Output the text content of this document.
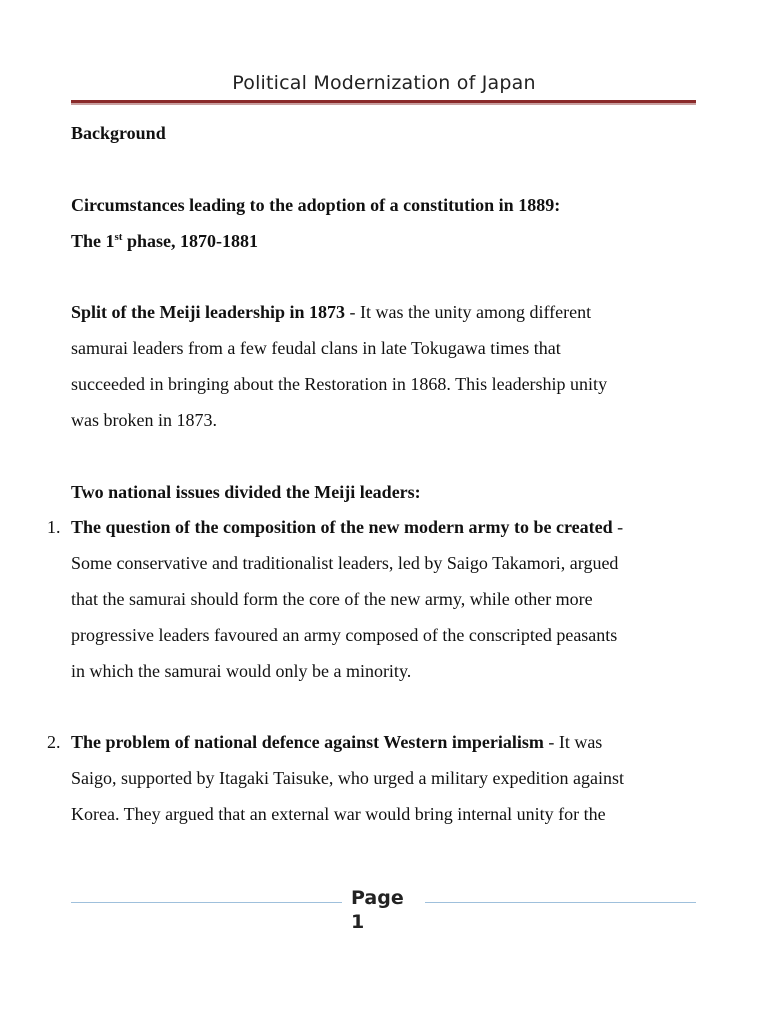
Political Modernization of Japan
Background
Circumstances leading to the adoption of a constitution in 1889:
The 1st phase, 1870-1881
Split of the Meiji leadership in 1873 - It was the unity among different
samurai leaders from a few feudal clans in late Tokugawa times that
succeeded in bringing about the Restoration in 1868. This leadership unity
was broken in 1873.
Two national issues divided the Meiji leaders:
1. The question of the composition of the new modern army to be created -
Some conservative and traditionalist leaders, led by Saigo Takamori, argued
that the samurai should form the core of the new army, while other more
progressive leaders favoured an army composed of the conscripted peasants
in which the samurai would only be a minority.
2. The problem of national defence against Western imperialism - It was
Saigo, supported by Itagaki Taisuke, who urged a military expedition against
Korea. They argued that an external war would bring internal unity for the
Page
1
